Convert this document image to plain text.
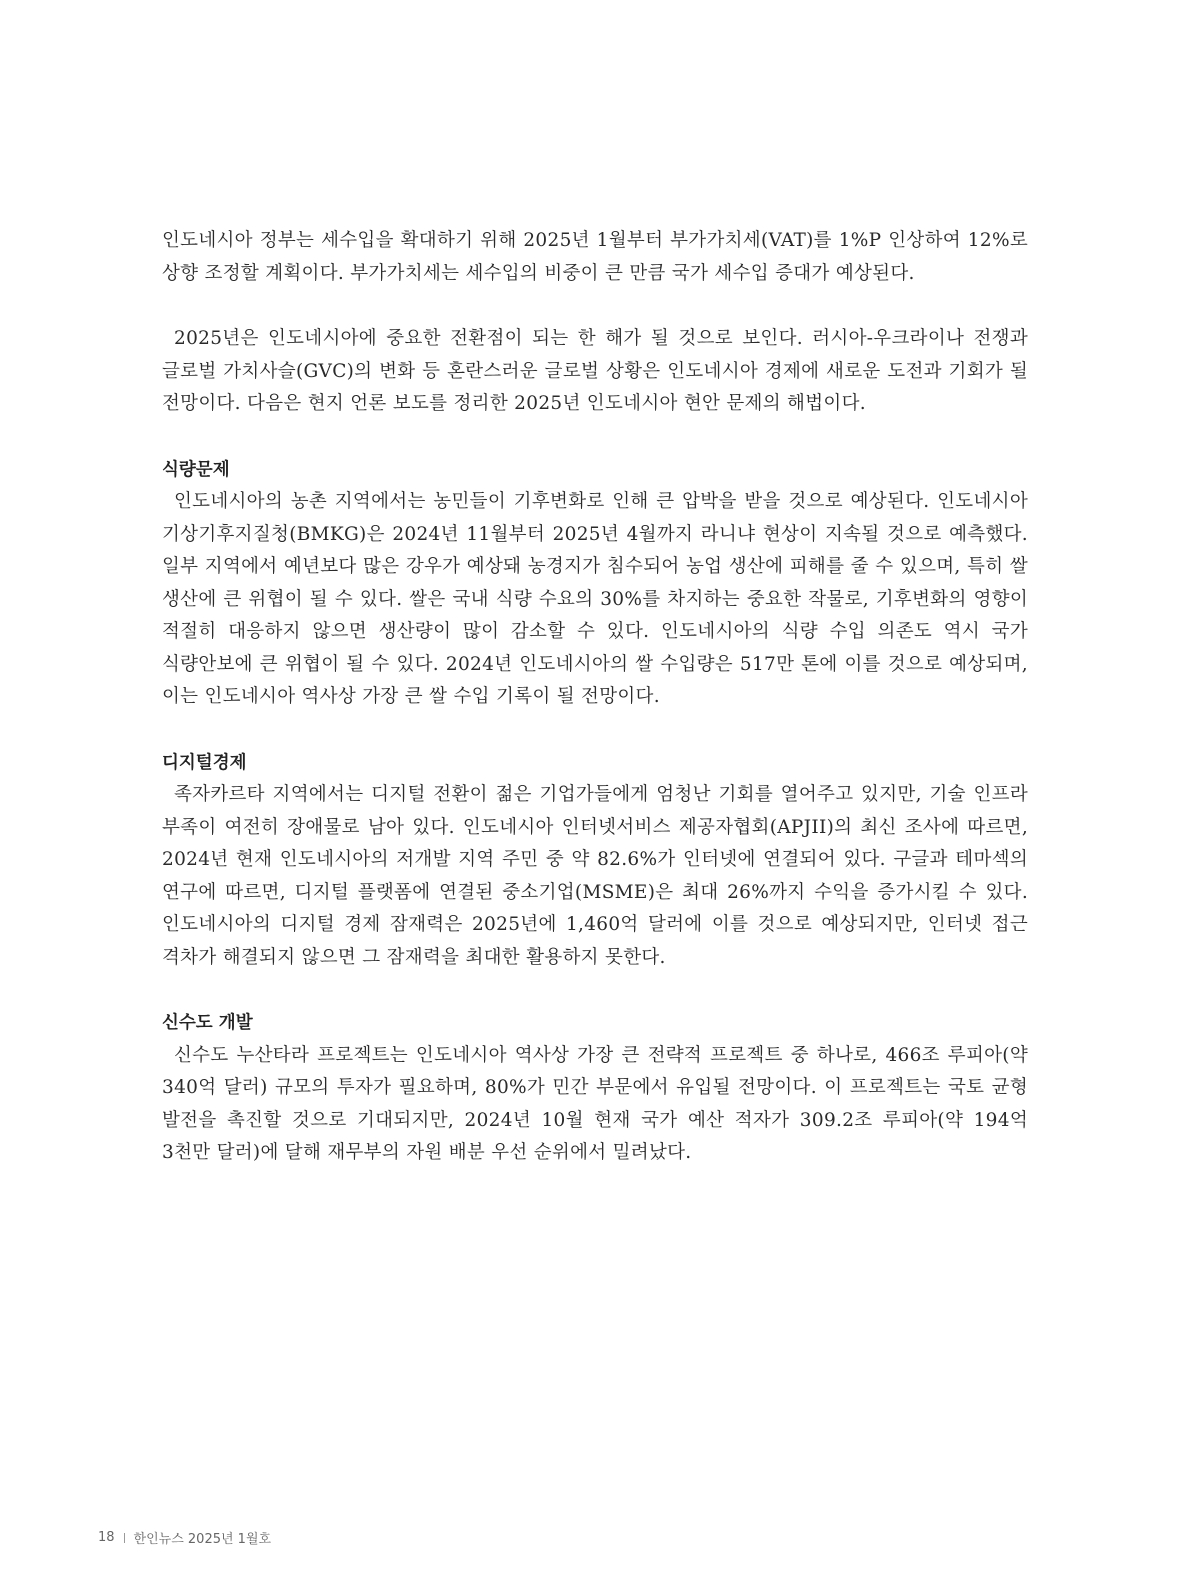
인도네시아 정부는 세수입을 확대하기 위해 2025년 1월부터 부가가치세(VAT)를 1%P 인상하여 12%로 상향 조정할 계획이다. 부가가치세는 세수입의 비중이 큰 만큼 국가 세수입 증대가 예상된다.

2025년은 인도네시아에 중요한 전환점이 되는 한 해가 될 것으로 보인다. 러시아-우크라이나 전쟁과 글로벌 가치사슬(GVC)의 변화 등 혼란스러운 글로벌 상황은 인도네시아 경제에 새로운 도전과 기회가 될 전망이다. 다음은 현지 언론 보도를 정리한 2025년 인도네시아 현안 문제의 해법이다.

식량문제

인도네시아의 농촌 지역에서는 농민들이 기후변화로 인해 큰 압박을 받을 것으로 예상된다. 인도네시아 기상기후지질청(BMKG)은 2024년 11월부터 2025년 4월까지 라니냐 현상이 지속될 것으로 예측했다. 일부 지역에서 예년보다 많은 강우가 예상돼 농경지가 침수되어 농업 생산에 피해를 줄 수 있으며, 특히 쌀 생산에 큰 위협이 될 수 있다. 쌀은 국내 식량 수요의 30%를 차지하는 중요한 작물로, 기후변화의 영향이 적절히 대응하지 않으면 생산량이 많이 감소할 수 있다. 인도네시아의 식량 수입 의존도 역시 국가 식량안보에 큰 위협이 될 수 있다. 2024년 인도네시아의 쌀 수입량은 517만 톤에 이를 것으로 예상되며, 이는 인도네시아 역사상 가장 큰 쌀 수입 기록이 될 전망이다.

디지털경제

족자카르타 지역에서는 디지털 전환이 젊은 기업가들에게 엄청난 기회를 열어주고 있지만, 기술 인프라 부족이 여전히 장애물로 남아 있다. 인도네시아 인터넷서비스 제공자협회(APJII)의 최신 조사에 따르면, 2024년 현재 인도네시아의 저개발 지역 주민 중 약 82.6%가 인터넷에 연결되어 있다. 구글과 테마섹의 연구에 따르면, 디지털 플랫폼에 연결된 중소기업(MSME)은 최대 26%까지 수익을 증가시킬 수 있다. 인도네시아의 디지털 경제 잠재력은 2025년에 1,460억 달러에 이를 것으로 예상되지만, 인터넷 접근 격차가 해결되지 않으면 그 잠재력을 최대한 활용하지 못한다.

신수도 개발

신수도 누산타라 프로젝트는 인도네시아 역사상 가장 큰 전략적 프로젝트 중 하나로, 466조 루피아(약 340억 달러) 규모의 투자가 필요하며, 80%가 민간 부문에서 유입될 전망이다. 이 프로젝트는 국토 균형 발전을 촉진할 것으로 기대되지만, 2024년 10월 현재 국가 예산 적자가 309.2조 루피아(약 194억 3천만 달러)에 달해 재무부의 자원 배분 우선 순위에서 밀려났다.

18 한인뉴스 2025년 1월호
